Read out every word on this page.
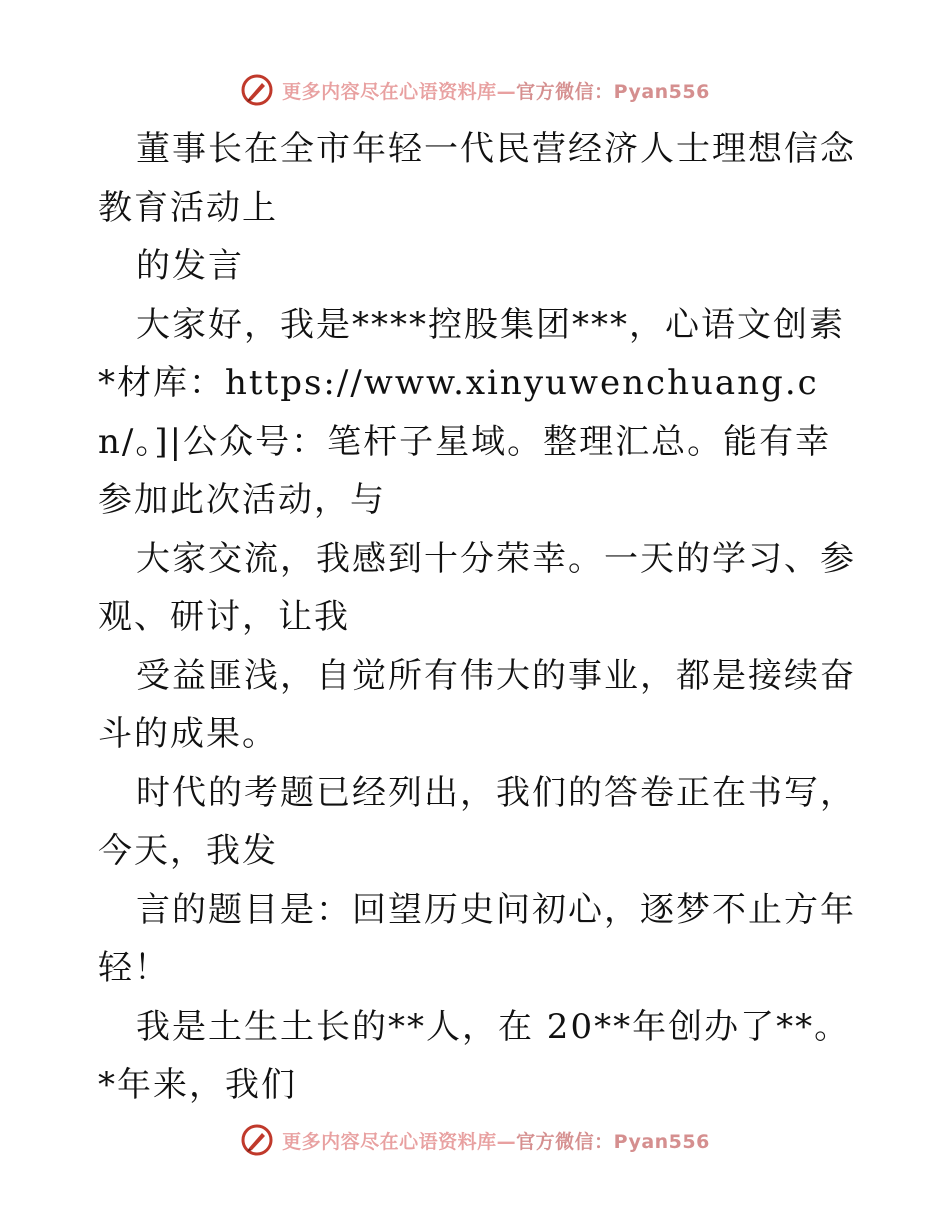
更多内容尽在心语资料库—官方微信：Pyan556

董事长在全市年轻一代民营经济人士理想信念教育活动上

的发言

大家好，我是****控股集团***，心语文创素*材库：https://www.xinyuwenchuang.cn/。]|公众号：笔杆子星域。整理汇总。能有幸参加此次活动，与

大家交流，我感到十分荣幸。一天的学习、参观、研讨，让我

受益匪浅，自觉所有伟大的事业，都是接续奋斗的成果。

时代的考题已经列出，我们的答卷正在书写，今天，我发

言的题目是：回望历史问初心，逐梦不止方年轻！

我是土生土长的**人，在 20**年创办了**。*年来，我们

更多内容尽在心语资料库—官方微信：Pyan556
